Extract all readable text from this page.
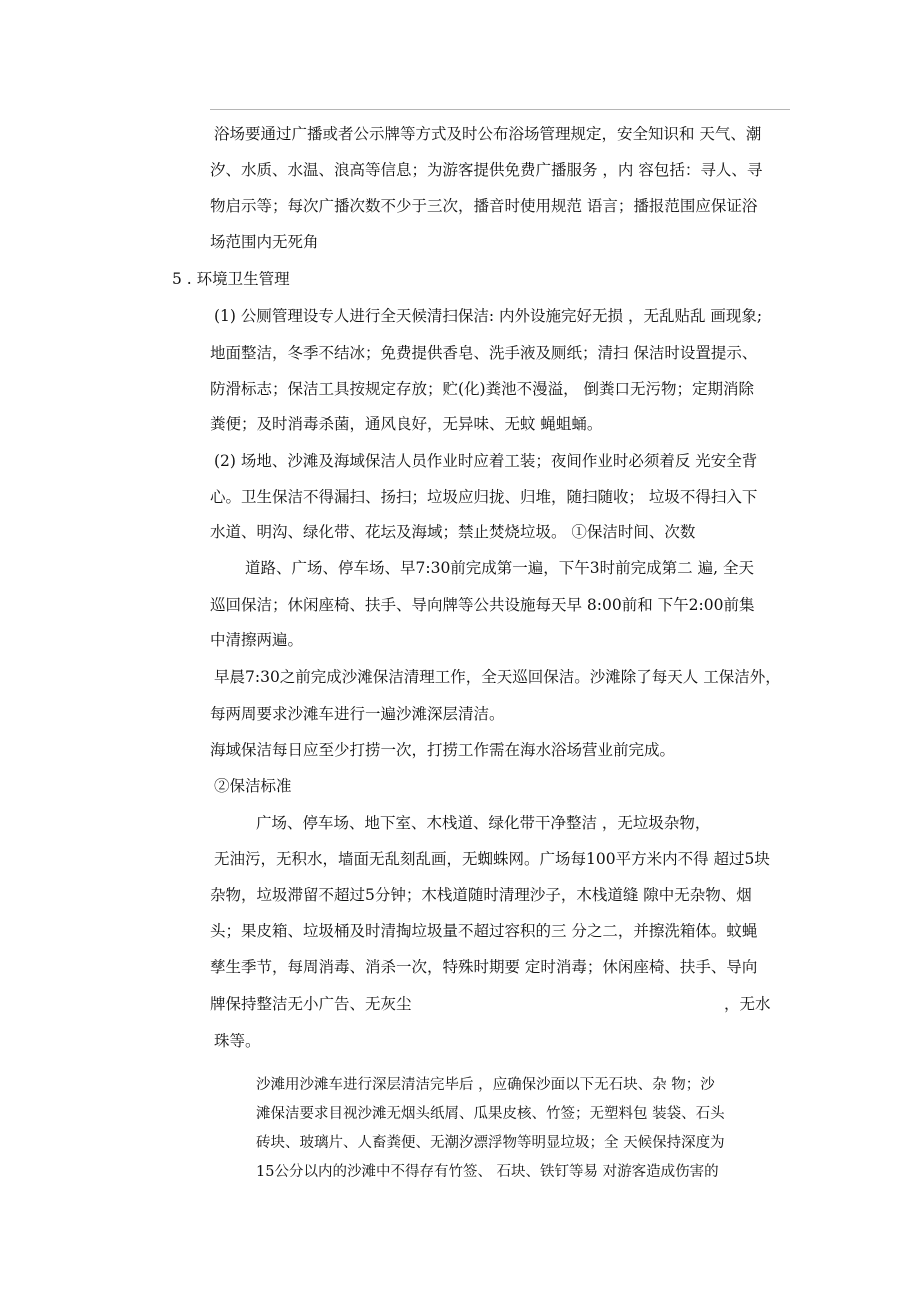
浴场要通过广播或者公示牌等方式及时公布浴场管理规定，安全知识和 天气、潮
汐、水质、水温、浪高等信息；为游客提供免费广播服务 ，内 容包括：寻人、寻
物启示等；每次广播次数不少于三次，播音时使用规范 语言；播报范围应保证浴
场范围内无死角
5 . 环境卫生管理
(1) 公厕管理设专人进行全天候清扫保洁: 内外设施完好无损 ，无乱贴乱 画现象;
地面整洁，冬季不结冰；免费提供香皂、洗手液及厕纸；清扫 保洁时设置提示、
防滑标志；保洁工具按规定存放；贮(化)粪池不漫溢， 倒粪口无污物；定期消除
粪便；及时消毒杀菌，通风良好，无异味、无蚊 蝇蛆蛹。
(2) 场地、沙滩及海域保洁人员作业时应着工装；夜间作业时必须着反 光安全背
心。卫生保洁不得漏扫、扬扫；垃圾应归拢、归堆，随扫随收； 垃圾不得扫入下
水道、明沟、绿化带、花坛及海域；禁止焚烧垃圾。 ①保洁时间、次数
道路、广场、停车场、早7:30前完成第一遍，下午3时前完成第二 遍, 全天
巡回保洁；休闲座椅、扶手、导向牌等公共设施每天早 8:00前和 下午2:00前集
中清擦两遍。
早晨7:30之前完成沙滩保洁清理工作，全天巡回保洁。沙滩除了每天人 工保洁外，
每两周要求沙滩车进行一遍沙滩深层清洁。
海域保洁每日应至少打捞一次，打捞工作需在海水浴场营业前完成。
②保洁标准
广场、停车场、地下室、木栈道、绿化带干净整洁 ，无垃圾杂物，
无油污，无积水，墙面无乱刻乱画，无蜘蛛网。广场每100平方米内不得 超过5块
杂物，垃圾滞留不超过5分钟；木栈道随时清理沙子，木栈道缝 隙中无杂物、烟
头；果皮箱、垃圾桶及时清掏垃圾量不超过容积的三 分之二，并擦洗箱体。蚊蝇
孳生季节，每周消毒、消杀一次，特殊时期要 定时消毒；休闲座椅、扶手、导向
牌保持整洁无小广告、无灰尘	，无水
珠等。
沙滩用沙滩车进行深层清洁完毕后 ，应确保沙面以下无石块、杂 物；沙
滩保洁要求目视沙滩无烟头纸屑、瓜果皮核、竹签；无塑料包 装袋、石头
砖块、玻璃片、人畜粪便、无潮汐漂浮物等明显垃圾；全 天候保持深度为
15公分以内的沙滩中不得存有竹签、 石块、铁钉等易 对游客造成伤害的
